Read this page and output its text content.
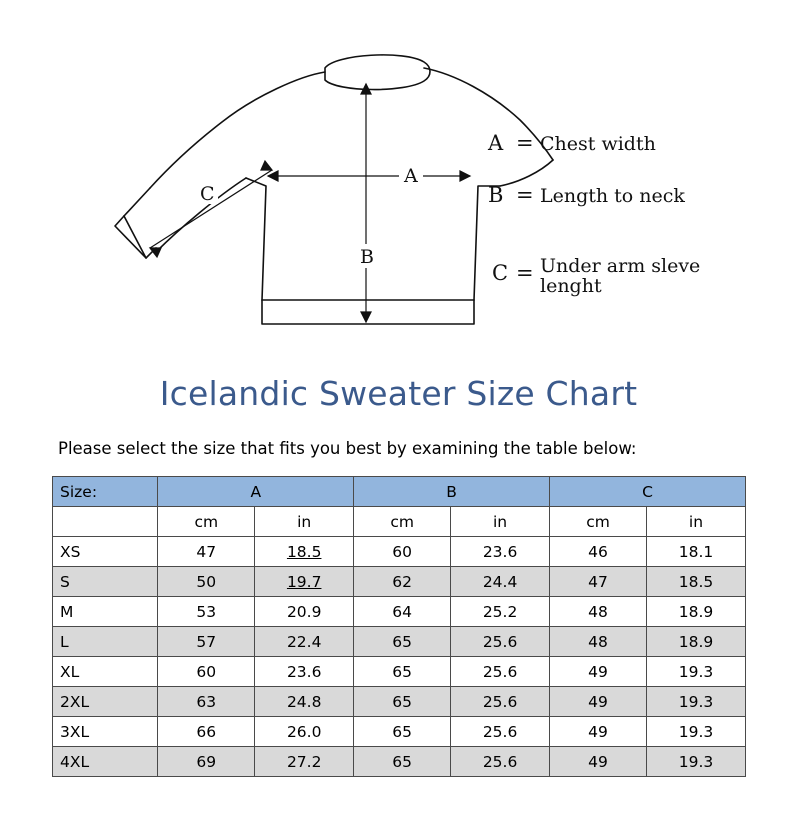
A
B
C
A = Chest width
B = Length to neck
C = Under arm sleve
lenght
Icelandic Sweater Size Chart

Please select the size that fits you best by examining the table below:

Size:	A		B		C	
	cm	in	cm	in	cm	in
XS	47	18.5	60	23.6	46	18.1
S	50	19.7	62	24.4	47	18.5
M	53	20.9	64	25.2	48	18.9
L	57	22.4	65	25.6	48	18.9
XL	60	23.6	65	25.6	49	19.3
2XL	63	24.8	65	25.6	49	19.3
3XL	66	26.0	65	25.6	49	19.3
4XL	69	27.2	65	25.6	49	19.3
